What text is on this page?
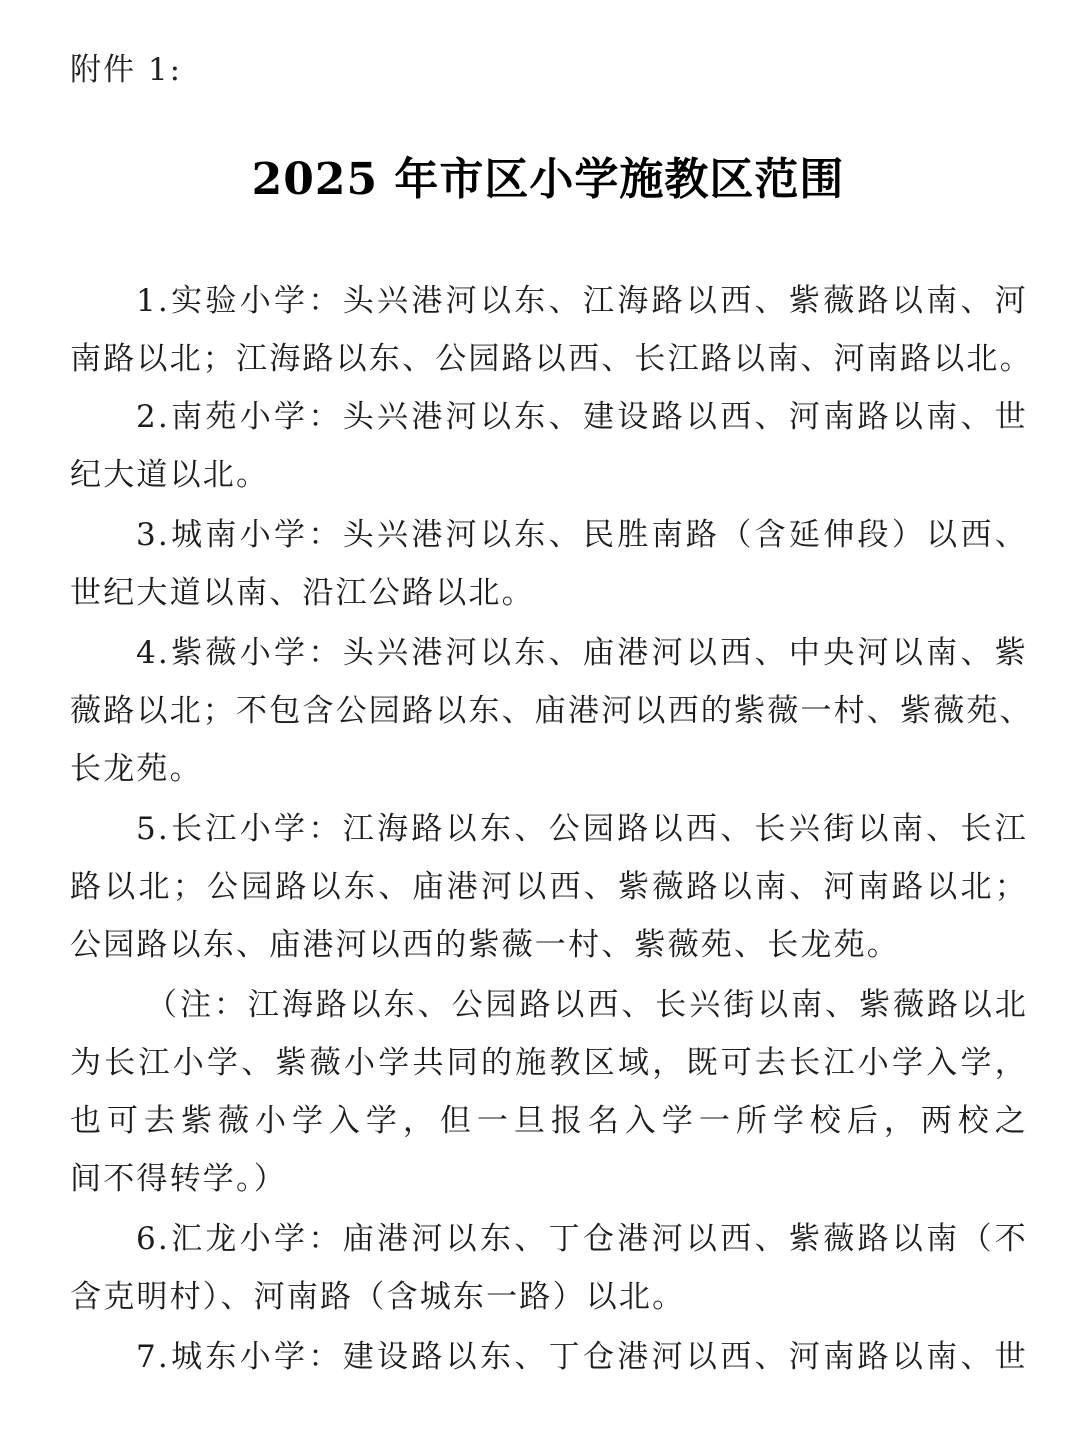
附件 1:
2025 年市区小学施教区范围
1.实验小学：头兴港河以东、江海路以西、紫薇路以南、河
南路以北；江海路以东、公园路以西、长江路以南、河南路以北。
2.南苑小学：头兴港河以东、建设路以西、河南路以南、世
纪大道以北。
3.城南小学：头兴港河以东、民胜南路（含延伸段）以西、
世纪大道以南、沿江公路以北。
4.紫薇小学：头兴港河以东、庙港河以西、中央河以南、紫
薇路以北；不包含公园路以东、庙港河以西的紫薇一村、紫薇苑、
长龙苑。
5.长江小学：江海路以东、公园路以西、长兴街以南、长江
路以北；公园路以东、庙港河以西、紫薇路以南、河南路以北；
公园路以东、庙港河以西的紫薇一村、紫薇苑、长龙苑。
（注：江海路以东、公园路以西、长兴街以南、紫薇路以北
为长江小学、紫薇小学共同的施教区域，既可去长江小学入学，
也可去紫薇小学入学，但一旦报名入学一所学校后，两校之
间不得转学。）
6.汇龙小学：庙港河以东、丁仓港河以西、紫薇路以南（不
含克明村）、河南路（含城东一路）以北。
7.城东小学：建设路以东、丁仓港河以西、河南路以南、世
